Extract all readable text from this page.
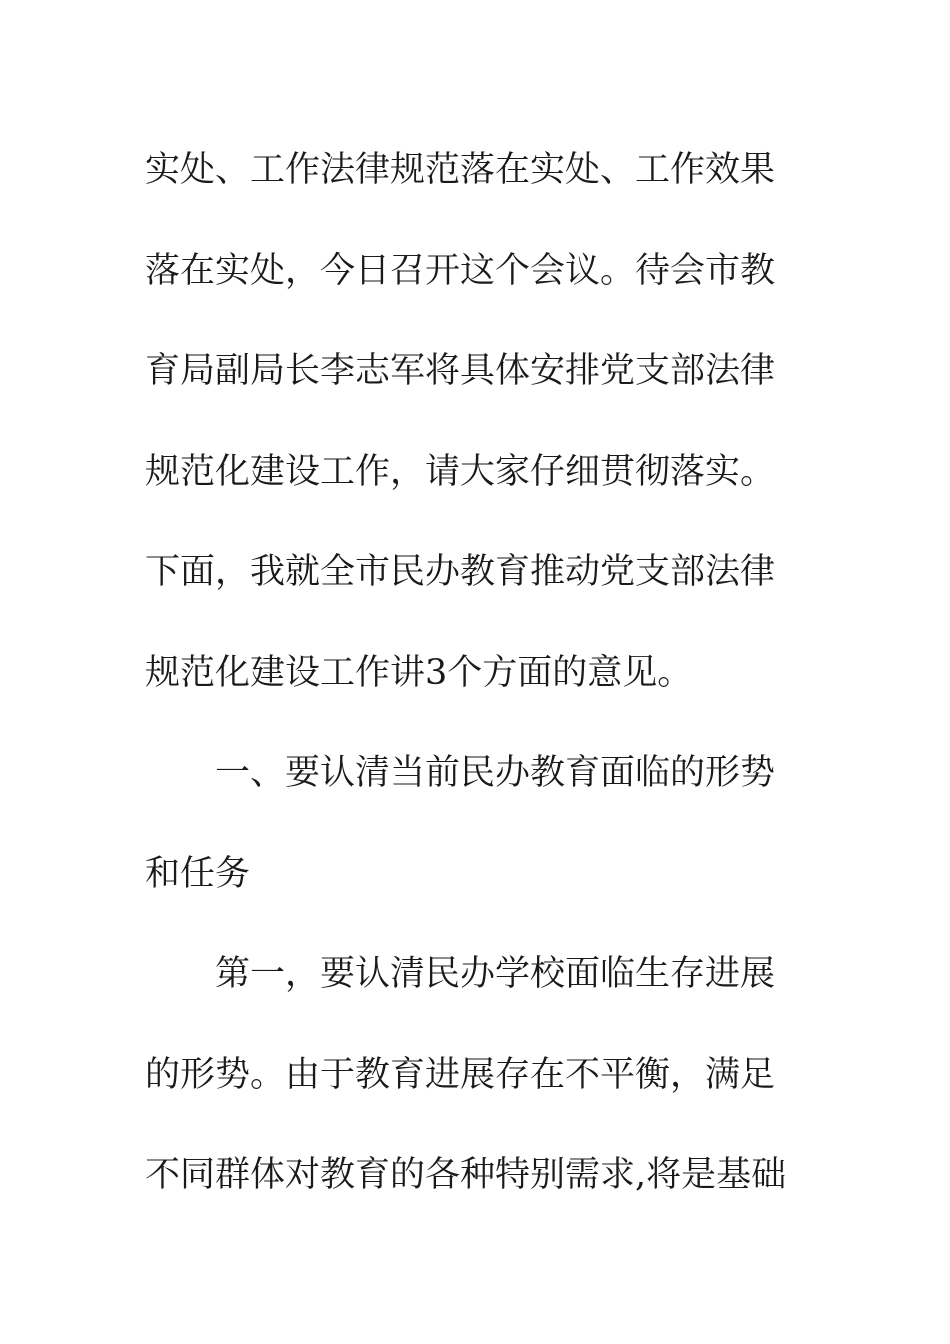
实处、工作法律规范落在实处、工作效果
落在实处，今日召开这个会议。待会市教
育局副局长李志军将具体安排党支部法律
规范化建设工作，请大家仔细贯彻落实。
下面，我就全市民办教育推动党支部法律
规范化建设工作讲3个方面的意见。
一、要认清当前民办教育面临的形势
和任务
第一，要认清民办学校面临生存进展
的形势。由于教育进展存在不平衡，满足
不同群体对教育的各种特别需求,将是基础
